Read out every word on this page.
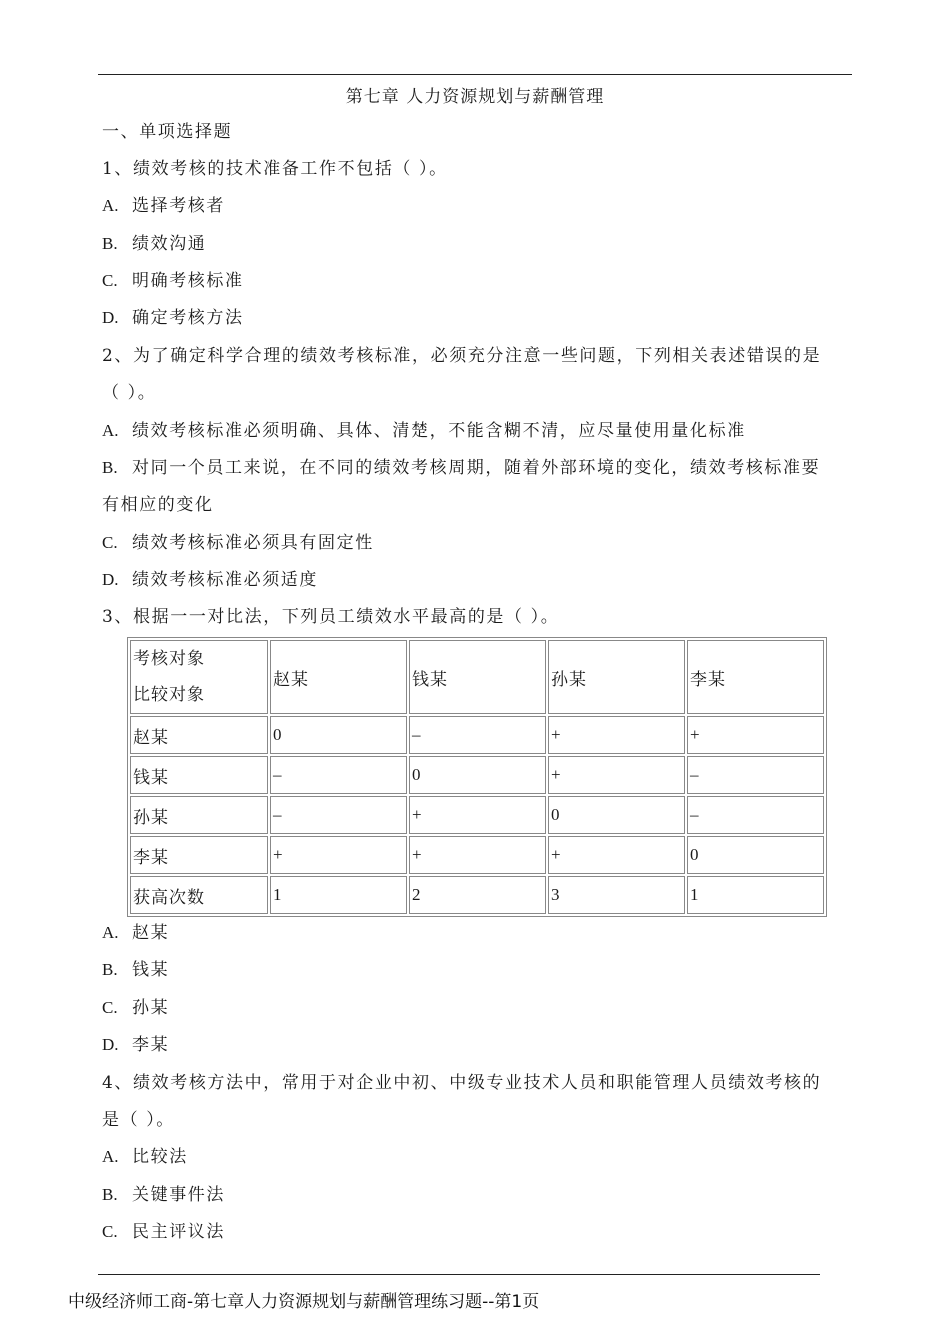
第七章 人力资源规划与薪酬管理
一、单项选择题
1、绩效考核的技术准备工作不包括（ ）。
A. 选择考核者
B. 绩效沟通
C. 明确考核标准
D. 确定考核方法
2、为了确定科学合理的绩效考核标准，必须充分注意一些问题，下列相关表述错误的是
（ ）。
A. 绩效考核标准必须明确、具体、清楚，不能含糊不清，应尽量使用量化标准
B. 对同一个员工来说，在不同的绩效考核周期，随着外部环境的变化，绩效考核标准要
有相应的变化
C. 绩效考核标准必须具有固定性
D. 绩效考核标准必须适度
3、根据一一对比法，下列员工绩效水平最高的是（ ）。
考核对象
比较对象	赵某	钱某	孙某	李某
赵某	0	–	+	+
钱某	–	0	+	–
孙某	–	+	0	–
李某	+	+	+	0
获高次数	1	2	3	1
A. 赵某
B. 钱某
C. 孙某
D. 李某
4、绩效考核方法中，常用于对企业中初、中级专业技术人员和职能管理人员绩效考核的
是（ ）。
A. 比较法
B. 关键事件法
C. 民主评议法
中级经济师工商-第七章人力资源规划与薪酬管理练习题--第1页
